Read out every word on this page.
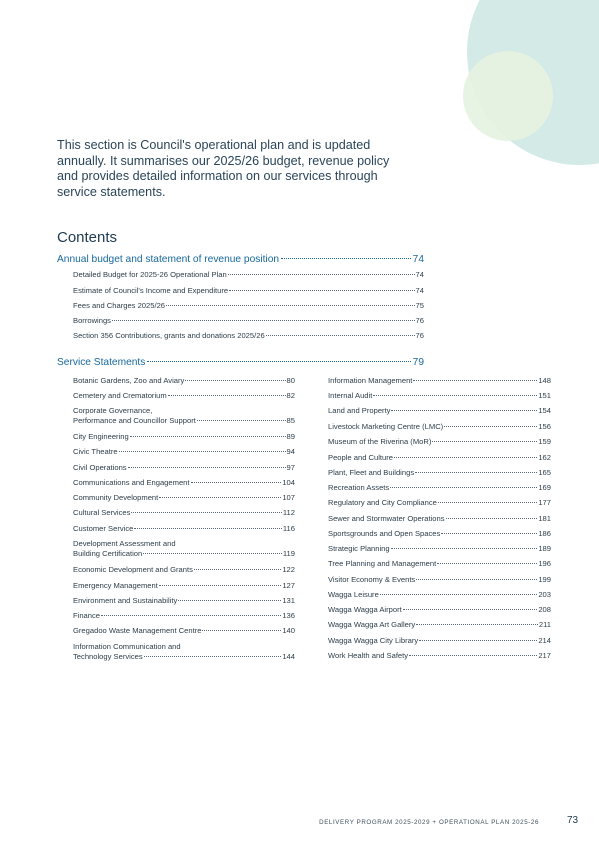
This section is Council's operational plan and is updated annually. It summarises our 2025/26 budget, revenue policy and provides detailed information on our services through service statements.

Contents
Annual budget and statement of revenue position	74
Detailed Budget for 2025-26 Operational Plan	74
Estimate of Council's Income and Expenditure	74
Fees and Charges 2025/26	75
Borrowings	76
Section 356 Contributions, grants and donations 2025/26	76
Service Statements	79
Botanic Gardens, Zoo and Aviary	80
Cemetery and Crematorium	82
Corporate Governance,
Performance and Councillor Support	85
City Engineering	89
Civic Theatre	94
Civil Operations	97
Communications and Engagement	104
Community Development	107
Cultural Services	112
Customer Service	116
Development Assessment and
Building Certification	119
Economic Development and Grants	122
Emergency Management	127
Environment and Sustainability	131
Finance	136
Gregadoo Waste Management Centre	140
Information Communication and
Technology Services	144
Information Management	148
Internal Audit	151
Land and Property	154
Livestock Marketing Centre (LMC)	156
Museum of the Riverina (MoR)	159
People and Culture	162
Plant, Fleet and Buildings	165
Recreation Assets	169
Regulatory and City Compliance	177
Sewer and Stormwater Operations	181
Sportsgrounds and Open Spaces	186
Strategic Planning	189
Tree Planning and Management	196
Visitor Economy & Events	199
Wagga Leisure	203
Wagga Wagga Airport	208
Wagga Wagga Art Gallery	211
Wagga Wagga City Library	214
Work Health and Safety	217
DELIVERY PROGRAM 2025-2029 + OPERATIONAL PLAN 2025-26	73
